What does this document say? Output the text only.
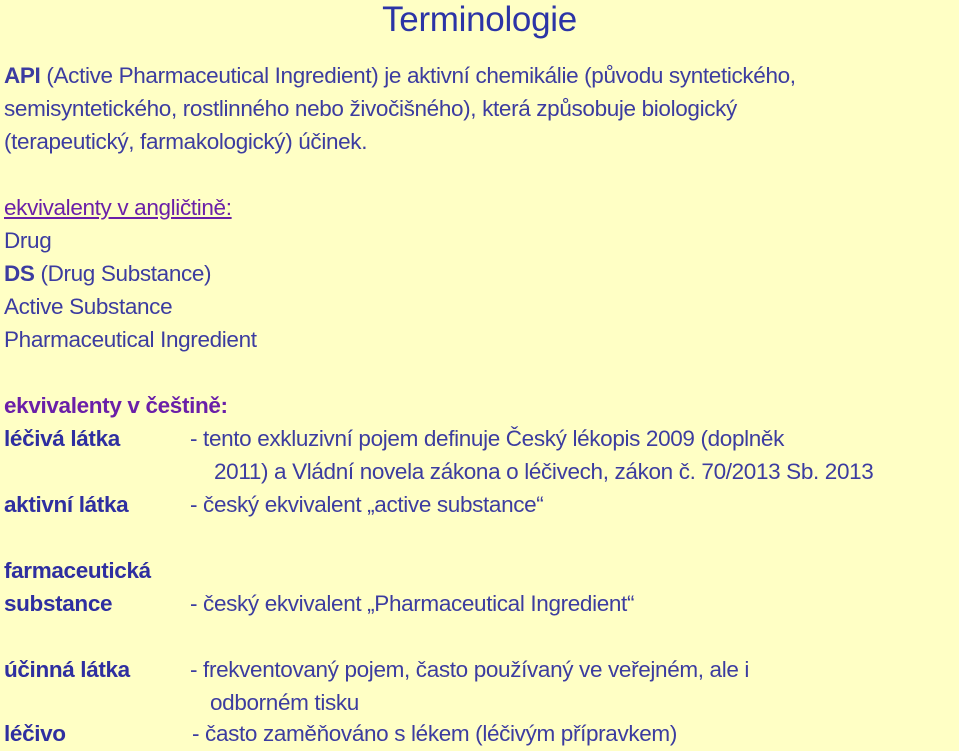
Terminologie
API (Active Pharmaceutical Ingredient) je aktivní chemikálie (původu syntetického,
semisyntetického, rostlinného nebo živočišného), která způsobuje biologický
(terapeutický, farmakologický) účinek.
ekvivalenty v angličtině:
Drug
DS (Drug Substance)
Active Substance
Pharmaceutical Ingredient
ekvivalenty v češtině:
léčivá látka	- tento exkluzivní pojem definuje Český lékopis 2009 (doplněk
2011) a Vládní novela zákona o léčivech, zákon č. 70/2013 Sb. 2013
aktivní látka	- český ekvivalent „active substance“
farmaceutická
substance	- český ekvivalent „Pharmaceutical Ingredient“
účinná látka	- frekventovaný pojem, často používaný ve veřejném, ale i
odborném tisku
léčivo	- často zaměňováno s lékem (léčivým přípravkem)
